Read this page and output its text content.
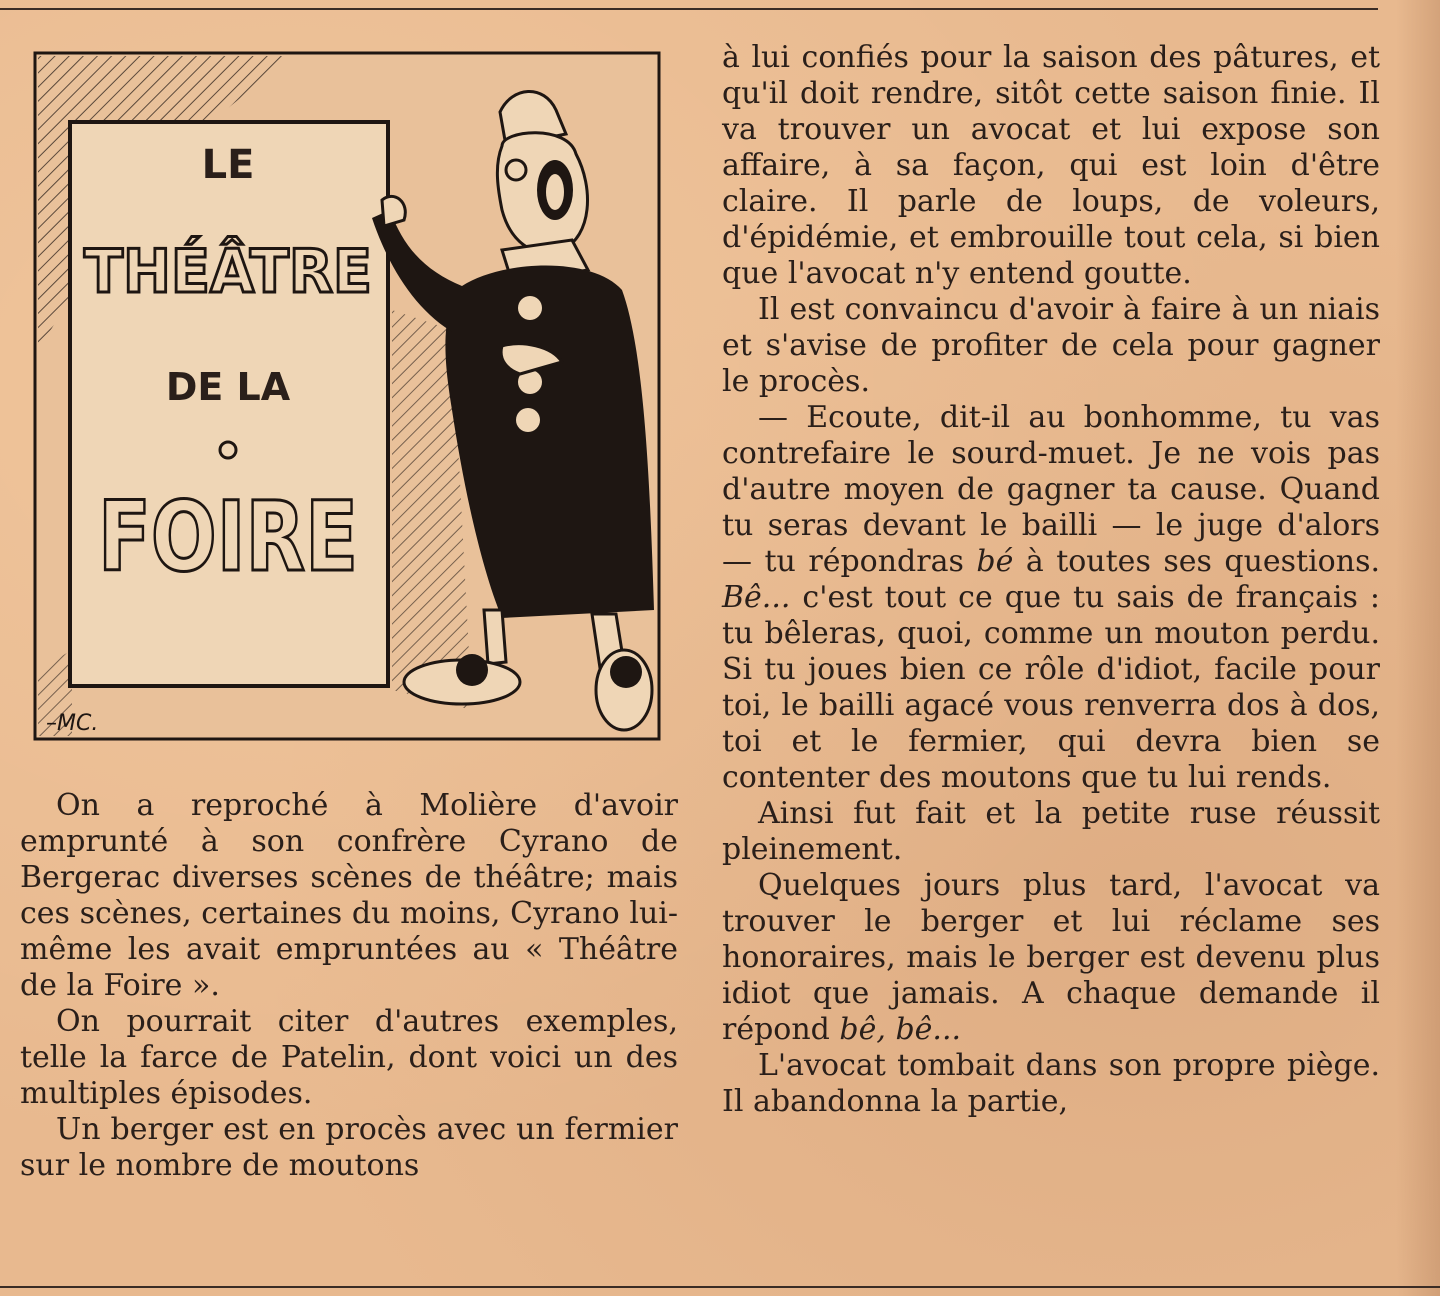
LE
THÉÂTRE
DE LA
FOIRE
–MC.

On a reproché à Molière d'avoir emprunté à son confrère Cyrano de Bergerac diverses scènes de théâtre; mais ces scènes, certaines du moins, Cyrano lui-même les avait empruntées au « Théâtre de la Foire ».

On pourrait citer d'autres exemples, telle la farce de Patelin, dont voici un des multiples épisodes.

Un berger est en procès avec un fermier sur le nombre de moutons

à lui confiés pour la saison des pâtures, et qu'il doit rendre, sitôt cette saison finie. Il va trouver un avocat et lui expose son affaire, à sa façon, qui est loin d'être claire. Il parle de loups, de voleurs, d'épidémie, et embrouille tout cela, si bien que l'avocat n'y entend goutte.

Il est convaincu d'avoir à faire à un niais et s'avise de profiter de cela pour gagner le procès.

— Ecoute, dit-il au bonhomme, tu vas contrefaire le sourd-muet. Je ne vois pas d'autre moyen de gagner ta cause. Quand tu seras devant le bailli — le juge d'alors — tu répondras bé à toutes ses questions. Bê... c'est tout ce que tu sais de français : tu bêleras, quoi, comme un mouton perdu. Si tu joues bien ce rôle d'idiot, facile pour toi, le bailli agacé vous renverra dos à dos, toi et le fermier, qui devra bien se contenter des moutons que tu lui rends.

Ainsi fut fait et la petite ruse réussit pleinement.

Quelques jours plus tard, l'avocat va trouver le berger et lui réclame ses honoraires, mais le berger est devenu plus idiot que jamais. A chaque demande il répond bê, bê...

L'avocat tombait dans son propre piège. Il abandonna la partie,
